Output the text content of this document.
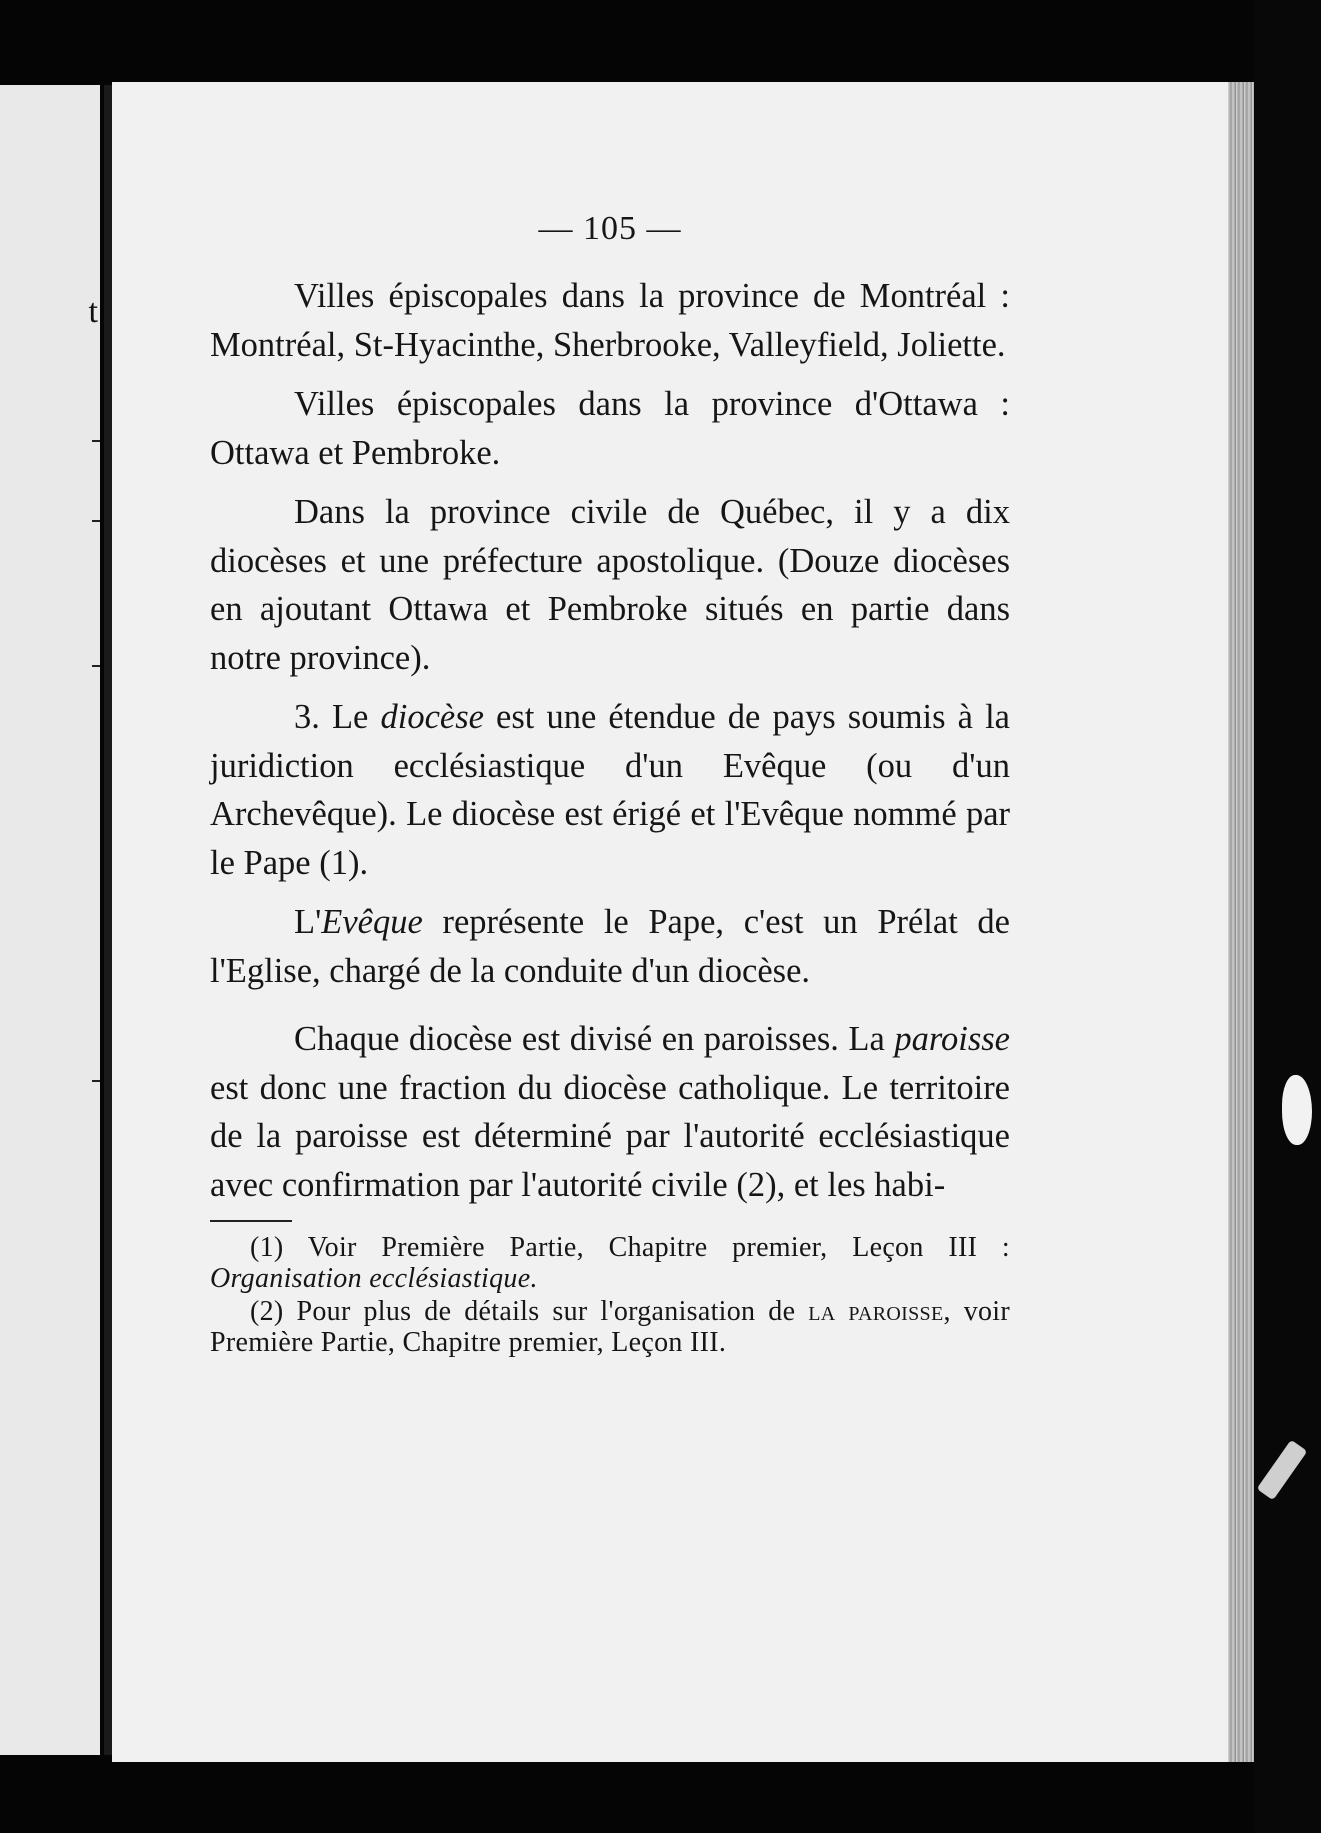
t
— 105 —

Villes épiscopales dans la province de Montréal : Montréal, St-Hyacinthe, Sherbrooke, Valleyfield, Joliette.

Villes épiscopales dans la province d'Ottawa : Ottawa et Pembroke.

Dans la province civile de Québec, il y a dix diocèses et une préfecture apostolique. (Douze diocèses en ajoutant Ottawa et Pembroke situés en partie dans notre province).

3. Le diocèse est une étendue de pays soumis à la juridiction ecclésiastique d'un Evêque (ou d'un Archevêque). Le diocèse est érigé et l'Evêque nommé par le Pape (1).

L'Evêque représente le Pape, c'est un Prélat de l'Eglise, chargé de la conduite d'un diocèse.

Chaque diocèse est divisé en paroisses. La paroisse est donc une fraction du diocèse catholique. Le territoire de la paroisse est déterminé par l'autorité ecclésiastique avec confirmation par l'autorité civile (2), et les habi-

(1) Voir Première Partie, Chapitre premier, Leçon III : Organisation ecclésiastique.

(2) Pour plus de détails sur l'organisation de la paroisse, voir Première Partie, Chapitre premier, Leçon III.
